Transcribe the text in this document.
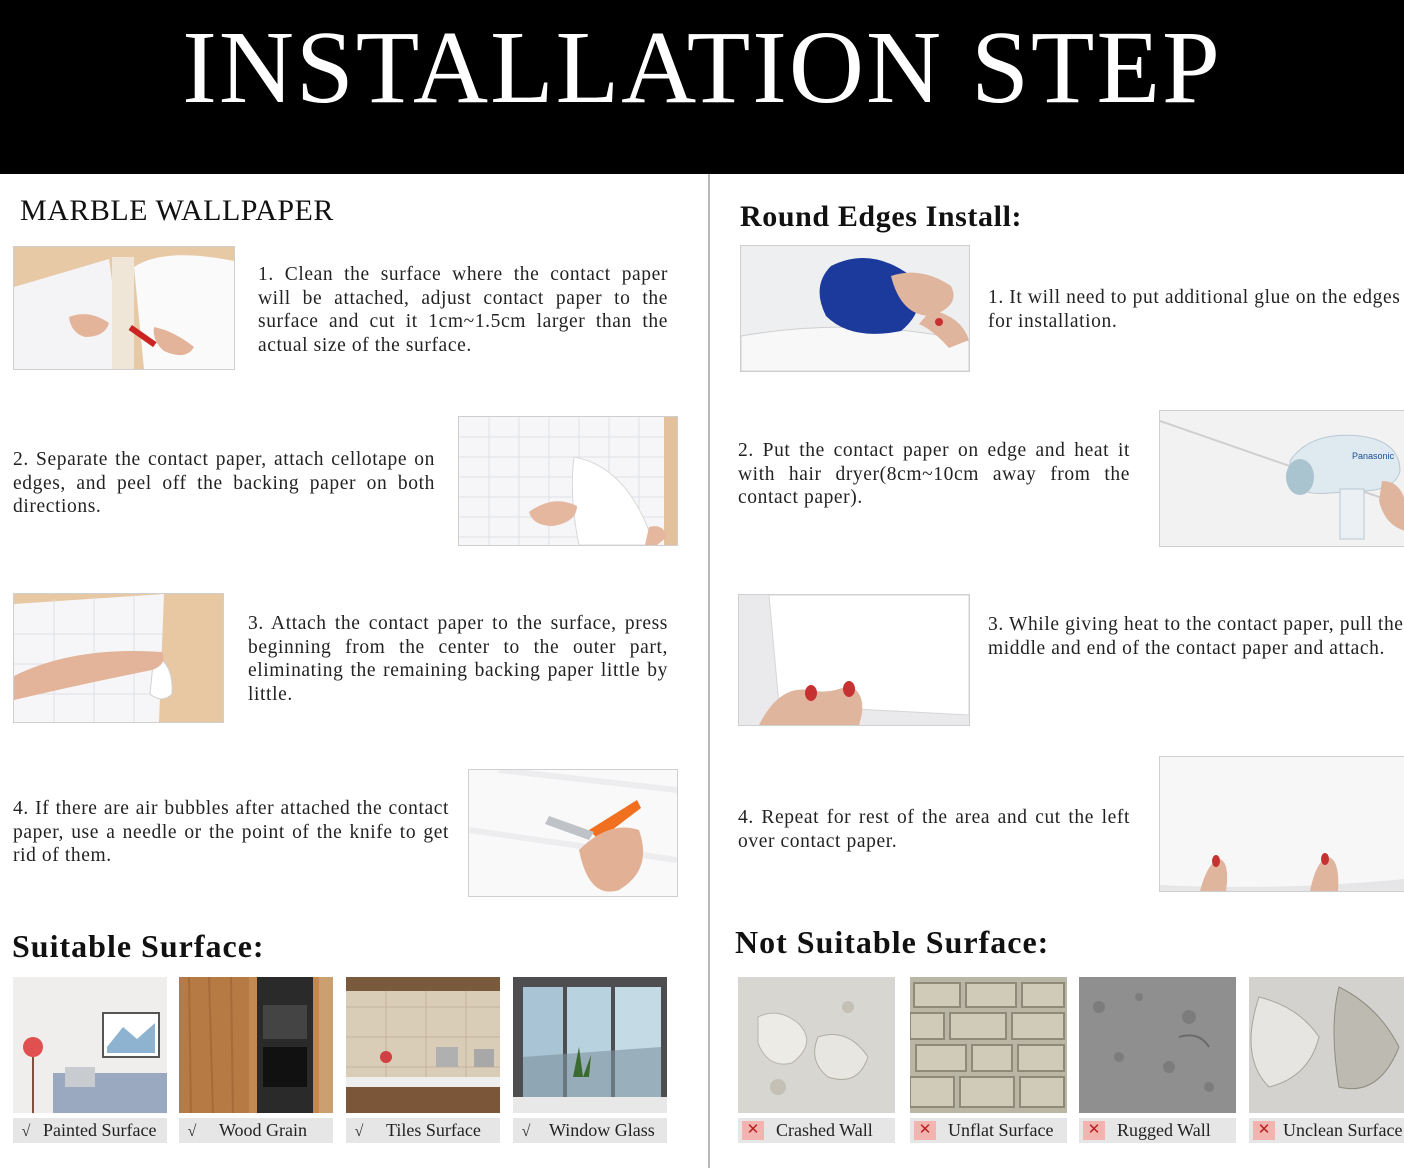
INSTALLATION STEP
MARBLE WALLPAPER
1. Clean the surface where the contact paper will be attached, adjust contact paper to the surface and cut it 1cm~1.5cm larger than the actual size of the surface.
2. Separate the contact paper, attach cellotape on edges, and peel off the backing paper on both directions.
3. Attach the contact paper to the surface, press beginning from the center to the outer part, eliminating the remaining backing paper little by little.
4. If there are air bubbles after attached the contact paper, use a needle or the point of the knife to get rid of them.
Suitable Surface:
√ Painted Surface	√ Wood Grain	√ Tiles Surface	√ Window Glass
Round Edges Install:
1. It will need to put additional glue on the edges for installation.
2. Put the contact paper on edge and heat it with hair dryer(8cm~10cm away from the contact paper).
Panasonic
3. While giving heat to the contact paper, pull the middle and end of the contact paper and attach.
4. Repeat for rest of the area and cut the left over contact paper.
Not Suitable Surface:
✕ Crashed Wall	✕ Unflat Surface	✕ Rugged Wall	✕ Unclean Surface
